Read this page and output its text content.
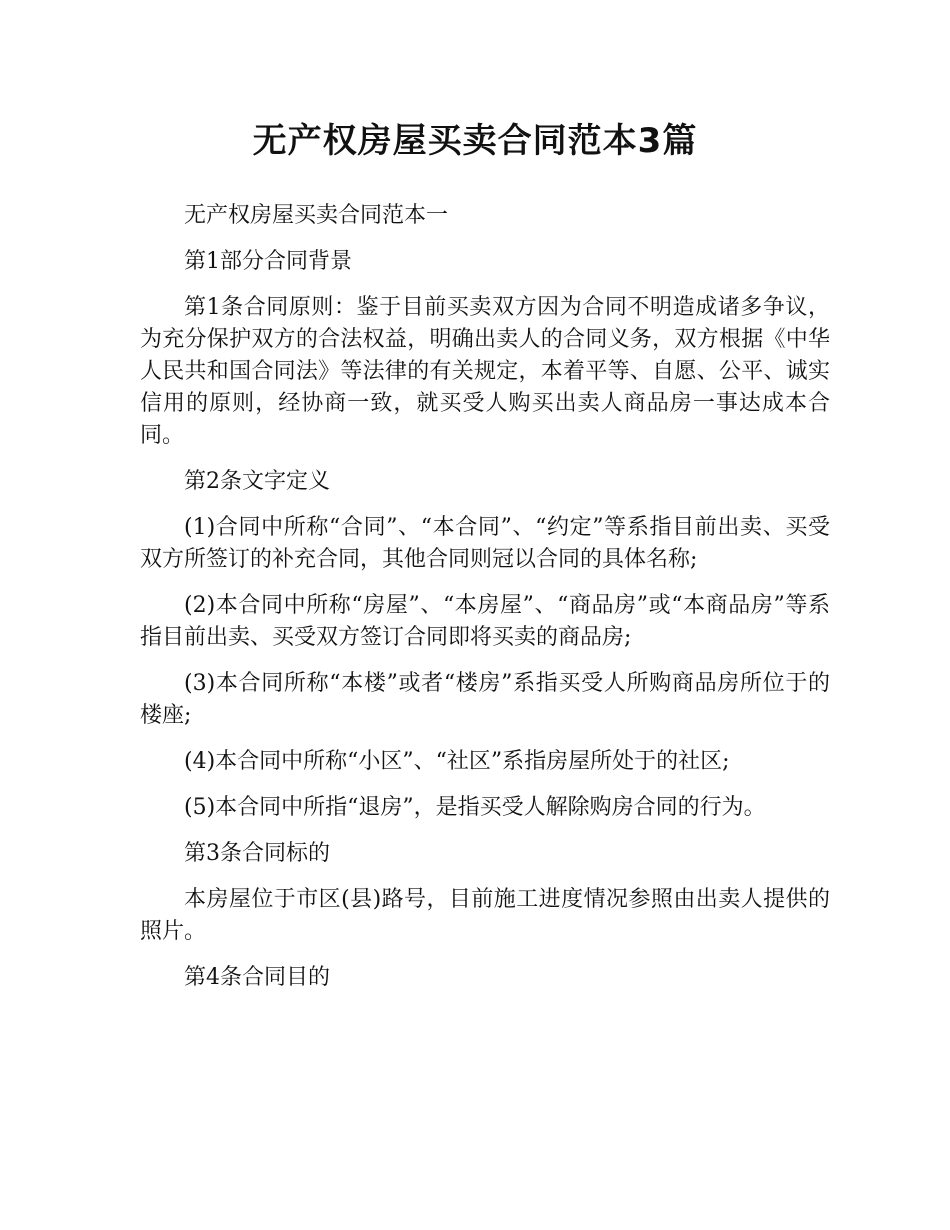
无产权房屋买卖合同范本3篇

无产权房屋买卖合同范本一

第1部分合同背景

第1条合同原则：鉴于目前买卖双方因为合同不明造成诸多争议，为充分保护双方的合法权益，明确出卖人的合同义务，双方根据《中华人民共和国合同法》等法律的有关规定，本着平等、自愿、公平、诚实信用的原则，经协商一致，就买受人购买出卖人商品房一事达成本合同。

第2条文字定义

(1)合同中所称“合同”、“本合同”、“约定”等系指目前出卖、买受双方所签订的补充合同，其他合同则冠以合同的具体名称;

(2)本合同中所称“房屋”、“本房屋”、“商品房”或“本商品房”等系指目前出卖、买受双方签订合同即将买卖的商品房;

(3)本合同所称“本楼”或者“楼房”系指买受人所购商品房所位于的楼座;

(4)本合同中所称“小区”、“社区”系指房屋所处于的社区;

(5)本合同中所指“退房”，是指买受人解除购房合同的行为。

第3条合同标的

本房屋位于市区(县)路号，目前施工进度情况参照由出卖人提供的照片。

第4条合同目的
